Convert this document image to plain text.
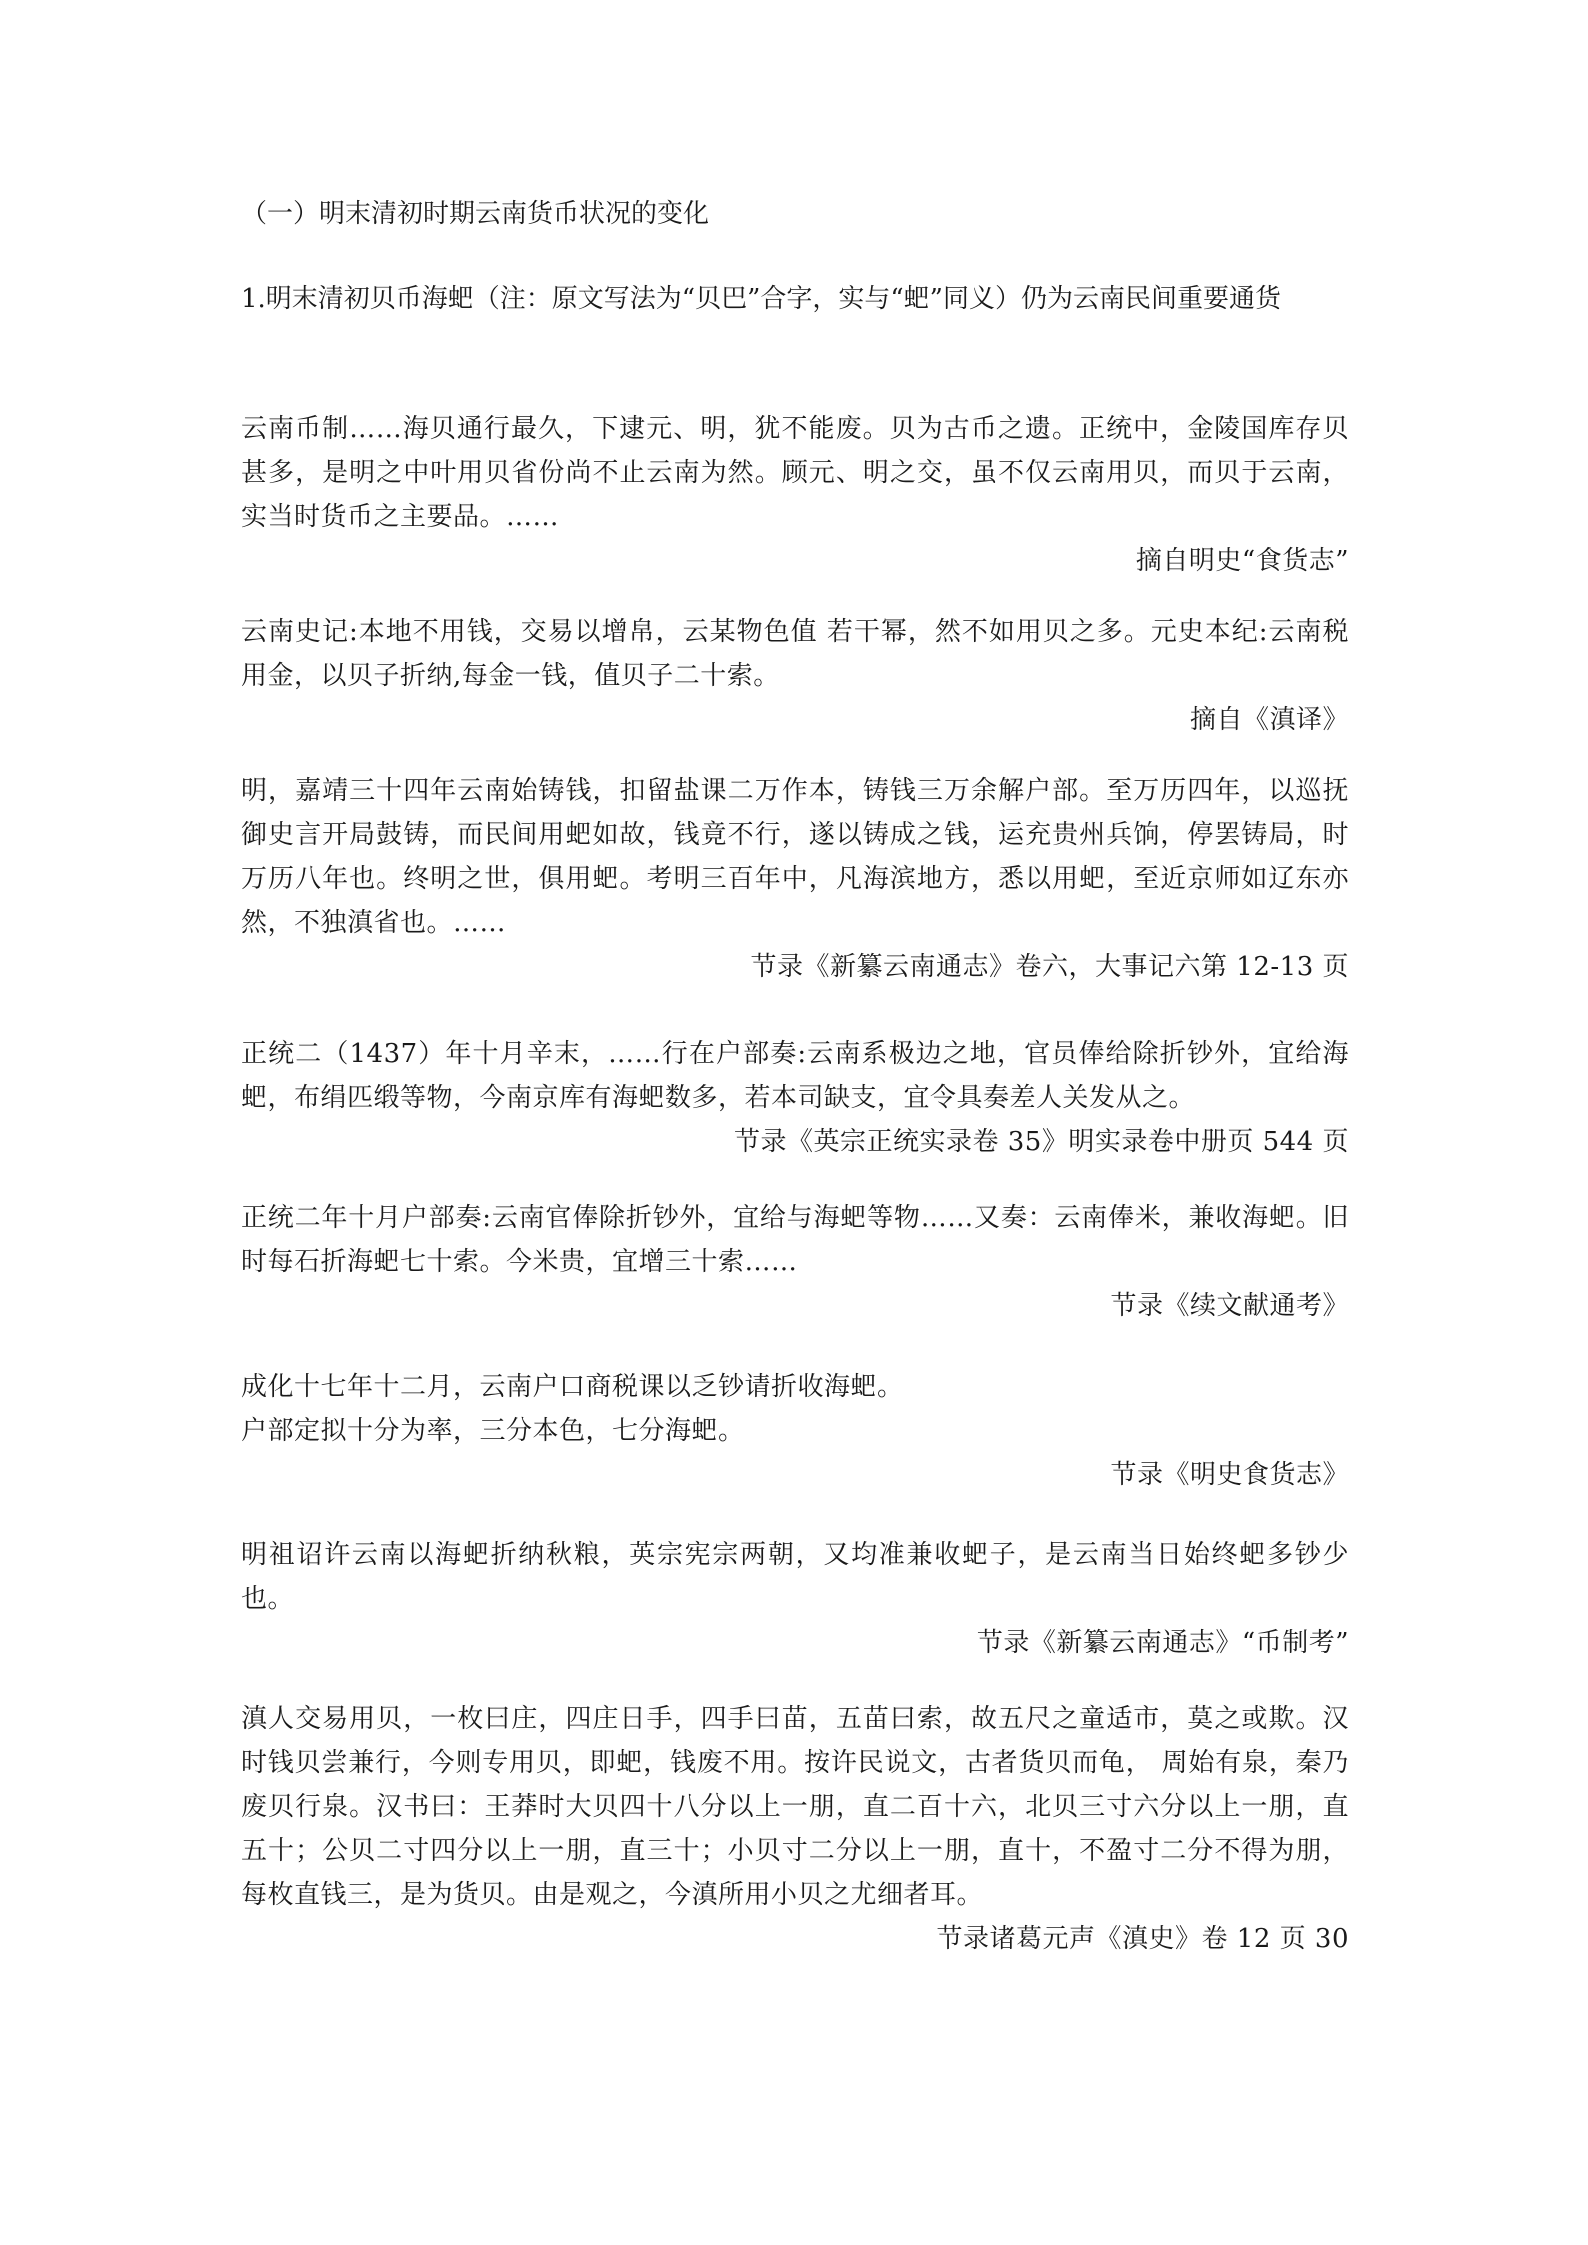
（一）明末清初时期云南货币状况的变化
1.明末清初贝币海蚆（注：原文写法为“贝巴”合字，实与“蚆”同义）仍为云南民间重要通货

云南币制……海贝通行最久，下逮元、明，犹不能废。贝为古币之遗。正统中，金陵国库存贝甚多，是明之中叶用贝省份尚不止云南为然。顾元、明之交，虽不仅云南用贝，而贝于云南，实当时货币之主要品。……

摘自明史“食货志”

云南史记:本地不用钱，交易以增帛，云某物色值 若干幂，然不如用贝之多。元史本纪:云南税用金，以贝子折纳,每金一钱，值贝子二十索。

摘自《滇译》

明，嘉靖三十四年云南始铸钱，扣留盐课二万作本，铸钱三万余解户部。至万历四年，以巡抚御史言开局鼓铸，而民间用蚆如故，钱竟不行，遂以铸成之钱，运充贵州兵饷，停罢铸局，时万历八年也。终明之世，俱用蚆。考明三百年中，凡海滨地方，悉以用蚆，至近京师如辽东亦然，不独滇省也。……

节录《新纂云南通志》卷六，大事记六第 12-13 页

正统二（1437）年十月辛末，……行在户部奏:云南系极边之地，官员俸给除折钞外，宜给海蚆，布绢匹缎等物，今南京库有海蚆数多，若本司缺支，宜令具奏差人关发从之。

节录《英宗正统实录卷 35》明实录卷中册页 544 页

正统二年十月户部奏:云南官俸除折钞外，宜给与海蚆等物……又奏：云南俸米，兼收海蚆。旧时每石折海蚆七十索。今米贵，宜增三十索……

节录《续文献通考》

成化十七年十二月，云南户口商税课以乏钞请折收海蚆。

户部定拟十分为率，三分本色，七分海蚆。

节录《明史食货志》

明祖诏许云南以海蚆折纳秋粮，英宗宪宗两朝，又均准兼收蚆子，是云南当日始终蚆多钞少也。

节录《新纂云南通志》“币制考”

滇人交易用贝，一枚曰庄，四庄日手，四手曰苗，五苗曰索，故五尺之童适市，莫之或欺。汉时钱贝尝兼行，今则专用贝，即蚆，钱废不用。按许民说文，古者货贝而龟， 周始有泉，秦乃废贝行泉。汉书曰：王莽时大贝四十八分以上一朋，直二百十六，北贝三寸六分以上一朋，直五十；公贝二寸四分以上一朋，直三十；小贝寸二分以上一朋，直十，不盈寸二分不得为朋，每枚直钱三，是为货贝。由是观之，今滇所用小贝之尤细者耳。

节录诸葛元声《滇史》卷 12 页 30
